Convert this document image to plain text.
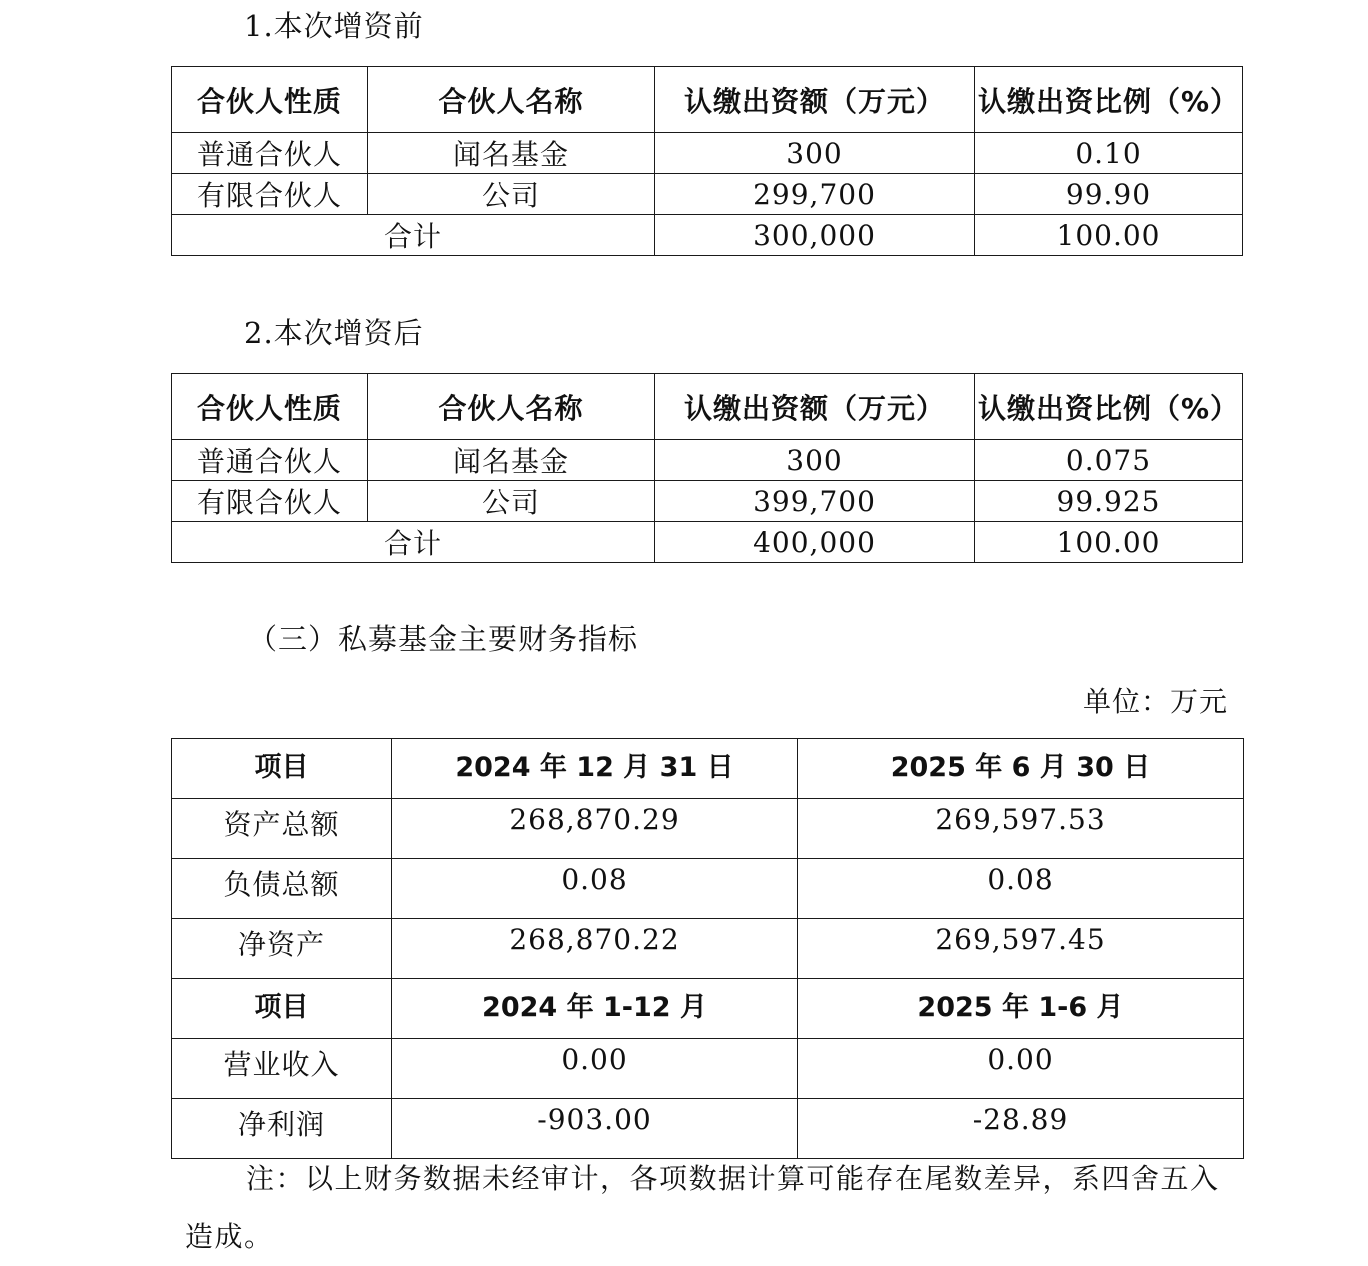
1.本次增资前
合伙人性质	合伙人名称	认缴出资额（万元）	认缴出资比例（%）
普通合伙人	闻名基金	300	0.10
有限合伙人	公司	299,700	99.90
合计		300,000	100.00
2.本次增资后
合伙人性质	合伙人名称	认缴出资额（万元）	认缴出资比例（%）
普通合伙人	闻名基金	300	0.075
有限合伙人	公司	399,700	99.925
合计		400,000	100.00
（三）私募基金主要财务指标
单位：万元
项目	2024 年 12 月 31 日	2025 年 6 月 30 日
资产总额	268,870.29	269,597.53
负债总额	0.08	0.08
净资产	268,870.22	269,597.45
项目	2024 年 1-12 月	2025 年 1-6 月
营业收入	0.00	0.00
净利润	-903.00	-28.89
注：以上财务数据未经审计，各项数据计算可能存在尾数差异，系四舍五入
造成。
